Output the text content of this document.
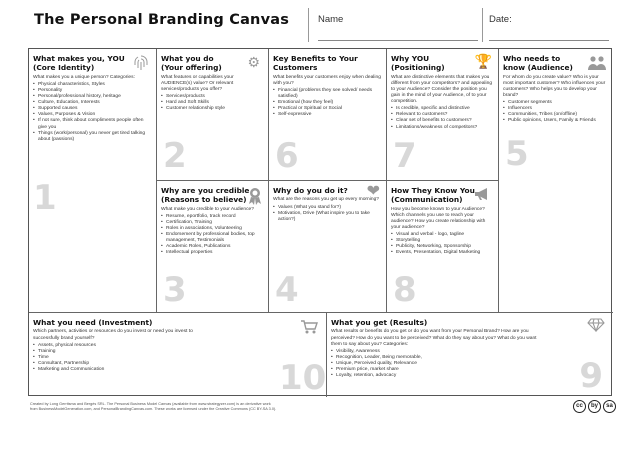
The Personal Branding Canvas	Name	Date:
What makes you, YOU
(Core Identity)
What makes you a unique person? Categories:
• Physical characteristics, Styles
• Personality
• Personal/professional history, heritage
• Culture, Education, Interests
• Supported causes
• Values, Purposes & Vision
• If not sure, think about compliments people often give you
• Things (work/personal) you never get tired talking about (passions)
1
What you do
(Your offering)
What features or capabilities your AUDIENCE(s) value? Or relevant services/products you offer?
• Services/products
• Hard and Soft Skills
• Customer relationship style
⚙
2
Key Benefits to Your
Customers
What benefits your customers enjoy when dealing with you?
• Financial (problems they see solved/ needs satisfied)
• Emotional (how they feel)
• Practical or Spiritual or Social
• Self-expressive
6
Why YOU
(Positioning)
What are distinctive elements that makes you different from your competitors? and appealing to your Audience? Consider the position you gain in the mind of your Audience, of to your competition.
• Is credible, specific and distinctive
• Relevant to customers?
• Clear set of benefits to customers?
• Limitations/weakness of competitors?
🏆
7
Who needs to
know (Audience)
For whom do you create value? Who is your most important customer? Who influences your customers? Who helps you to develop your brand?
• Customer segments
• Influencers
• Communities, Tribes (on/offline)
• Public opinions, Users, Family & Friends
5
Why are you credible
(Reasons to believe)
What make you credible to your Audience?
• Resume, eportfolio, track record
• Certification, Training
• Roles in associations, Volunteering
• Endorsement by professional bodies, top management, Testimonials
• Academic Roles, Publications
• Intellectual properties
3
Why do you do it?
What are the reasons you get up every morning?
• Values (What you stand for?)
• Motivation, Drive (What inspire you to take action?)
❤
4
How They Know You
(Communication)
How you become known to your Audience? Which channels you use to reach your audience? How you create relationship with your audience?
• Visual and verbal - logo, tagline
• Storytelling
• Publicity, Networking, Sponsorship
• Events, Presentation, Digital Marketing
8
What you need (Investment)
Which partners, activities or resources do you invest or need you invest to successfully brand yourself?
• Assets, physical resources
• Training
• Time
• Consultant, Partnership
• Marketing and Communication	10
What you get (Results)
What results or benefits do you get or do you want from your Personal Brand? How are you perceived? How do you want to be perceived? What do they say about you? What do you want them to say about you? Categories:
• Visibility, Awareness
• Recognition, Leader, Being memorable,
• Unique, Perceived quality, Relevance
• Premium price, market share
• Loyalty, retention, advocacy	9
Created by Long Gerritsma and Bergés SRL. The Personal Business Model Canvas (available from www.strategyzer.com) is an derivative work
from BusinessModelGeneration.com, and PersonalBrandingCanvas.com. These works are licensed under the Creative Commons (CC BY-SA 3.0).
cc	by	sa
